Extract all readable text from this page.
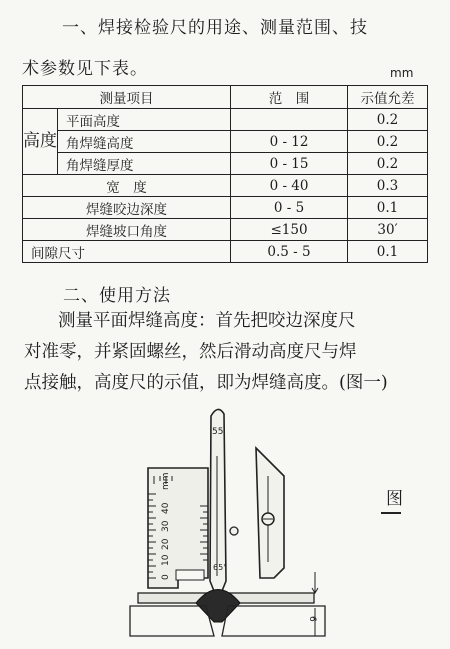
一、焊接检验尺的用途、测量范围、技
术参数见下表。	mm
测量项目		范　围	示值允差
高度	平面高度		0.2
	角焊缝高度	0 - 12	0.2
	角焊缝厚度	0 - 15	0.2
宽　度		0 - 40	0.3
焊缝咬边深度		0 - 5	0.1
焊缝坡口角度		≤150	30′
间隙尺寸		0.5 - 5	0.1
二、使用方法
测量平面焊缝高度：首先把咬边深度尺
对准零，并紧固螺丝，然后滑动高度尺与焊
点接触，高度尺的示值，即为焊缝高度。(图一)
mm
40
30
20
10
0
55
65°
6
图
